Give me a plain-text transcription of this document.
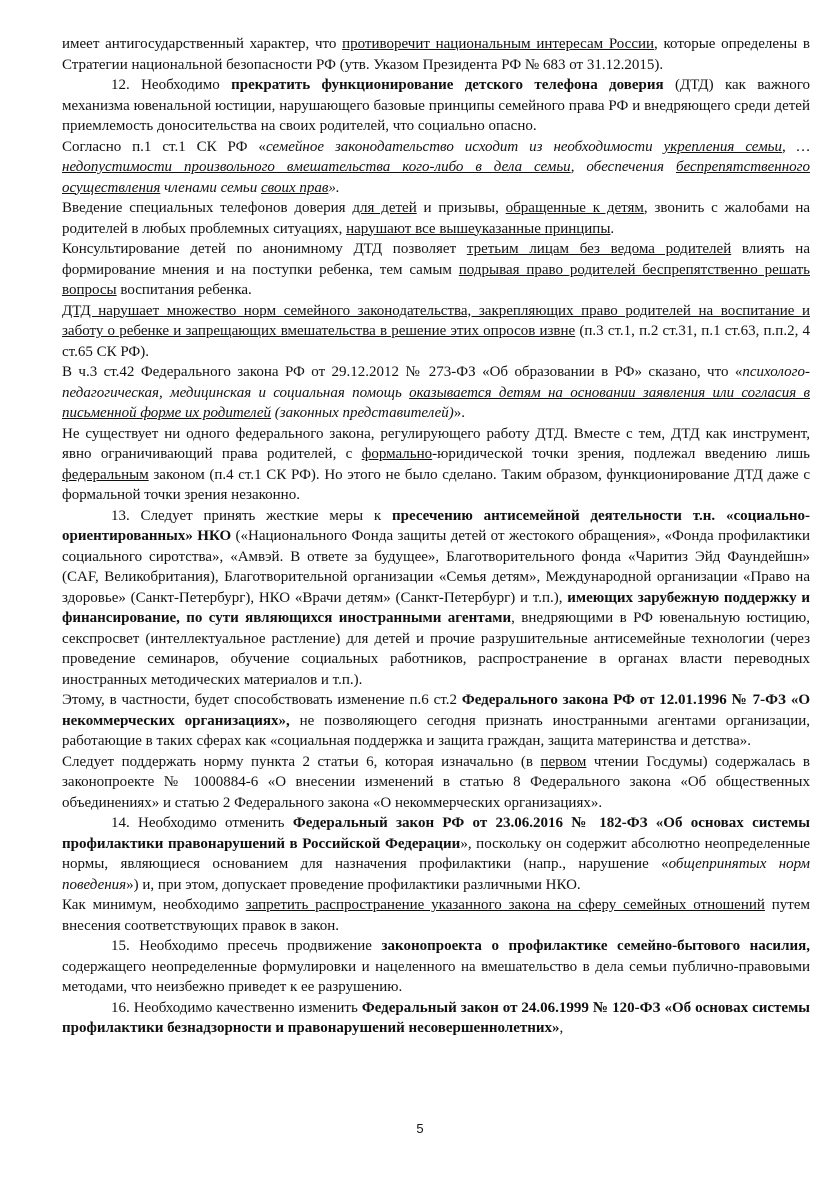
имеет антигосударственный характер, что противоречит национальным интересам России, которые определены в Стратегии национальной безопасности РФ (утв. Указом Президента РФ № 683 от 31.12.2015).

12. Необходимо прекратить функционирование детского телефона доверия (ДТД) как важного механизма ювенальной юстиции, нарушающего базовые принципы семейного права РФ и внедряющего среди детей приемлемость доносительства на своих родителей, что социально опасно.

Согласно п.1 ст.1 СК РФ «семейное законодательство исходит из необходимости укрепления семьи, … недопустимости произвольного вмешательства кого-либо в дела семьи, обеспечения беспрепятственного осуществления членами семьи своих прав».

Введение специальных телефонов доверия для детей и призывы, обращенные к детям, звонить с жалобами на родителей в любых проблемных ситуациях, нарушают все вышеуказанные принципы.

Консультирование детей по анонимному ДТД позволяет третьим лицам без ведома родителей влиять на формирование мнения и на поступки ребенка, тем самым подрывая право родителей беспрепятственно решать вопросы воспитания ребенка.

ДТД нарушает множество норм семейного законодательства, закрепляющих право родителей на воспитание и заботу о ребенке и запрещающих вмешательства в решение этих опросов извне (п.3 ст.1, п.2 ст.31, п.1 ст.63, п.п.2, 4 ст.65 СК РФ).

В ч.3 ст.42 Федерального закона РФ от 29.12.2012 № 273-ФЗ «Об образовании в РФ» сказано, что «психолого-педагогическая, медицинская и социальная помощь оказывается детям на основании заявления или согласия в письменной форме их родителей (законных представителей)».

Не существует ни одного федерального закона, регулирующего работу ДТД. Вместе с тем, ДТД как инструмент, явно ограничивающий права родителей, с формально-юридической точки зрения, подлежал введению лишь федеральным законом (п.4 ст.1 СК РФ). Но этого не было сделано. Таким образом, функционирование ДТД даже с формальной точки зрения незаконно.

13. Следует принять жесткие меры к пресечению антисемейной деятельности т.н. «социально-ориентированных» НКО («Национального Фонда защиты детей от жестокого обращения», «Фонда профилактики социального сиротства», «Амвэй. В ответе за будущее», Благотворительного фонда «Чаритиз Эйд Фаундейшн» (CAF, Великобритания), Благотворительной организации «Семья детям», Международной организации «Право на здоровье» (Санкт-Петербург), НКО «Врачи детям» (Санкт-Петербург) и т.п.), имеющих зарубежную поддержку и финансирование, по сути являющихся иностранными агентами, внедряющими в РФ ювенальную юстицию, секспросвет (интеллектуальное растление) для детей и прочие разрушительные антисемейные технологии (через проведение семинаров, обучение социальных работников, распространение в органах власти переводных иностранных методических материалов и т.п.).

Этому, в частности, будет способствовать изменение п.6 ст.2 Федерального закона РФ от 12.01.1996 № 7-ФЗ «О некоммерческих организациях», не позволяющего сегодня признать иностранными агентами организации, работающие в таких сферах как «социальная поддержка и защита граждан, защита материнства и детства».

Следует поддержать норму пункта 2 статьи 6, которая изначально (в первом чтении Госдумы) содержалась в законопроекте № 1000884-6 «О внесении изменений в статью 8 Федерального закона «Об общественных объединениях» и статью 2 Федерального закона «О некоммерческих организациях».

14. Необходимо отменить Федеральный закон РФ от 23.06.2016 № 182-ФЗ «Об основах системы профилактики правонарушений в Российской Федерации», поскольку он содержит абсолютно неопределенные нормы, являющиеся основанием для назначения профилактики (напр., нарушение «общепринятых норм поведения») и, при этом, допускает проведение профилактики различными НКО.

Как минимум, необходимо запретить распространение указанного закона на сферу семейных отношений путем внесения соответствующих правок в закон.

15. Необходимо пресечь продвижение законопроекта о профилактике семейно-бытового насилия, содержащего неопределенные формулировки и нацеленного на вмешательство в дела семьи публично-правовыми методами, что неизбежно приведет к ее разрушению.

16. Необходимо качественно изменить Федеральный закон от 24.06.1999 № 120-ФЗ «Об основах системы профилактики безнадзорности и правонарушений несовершеннолетних»,

5
